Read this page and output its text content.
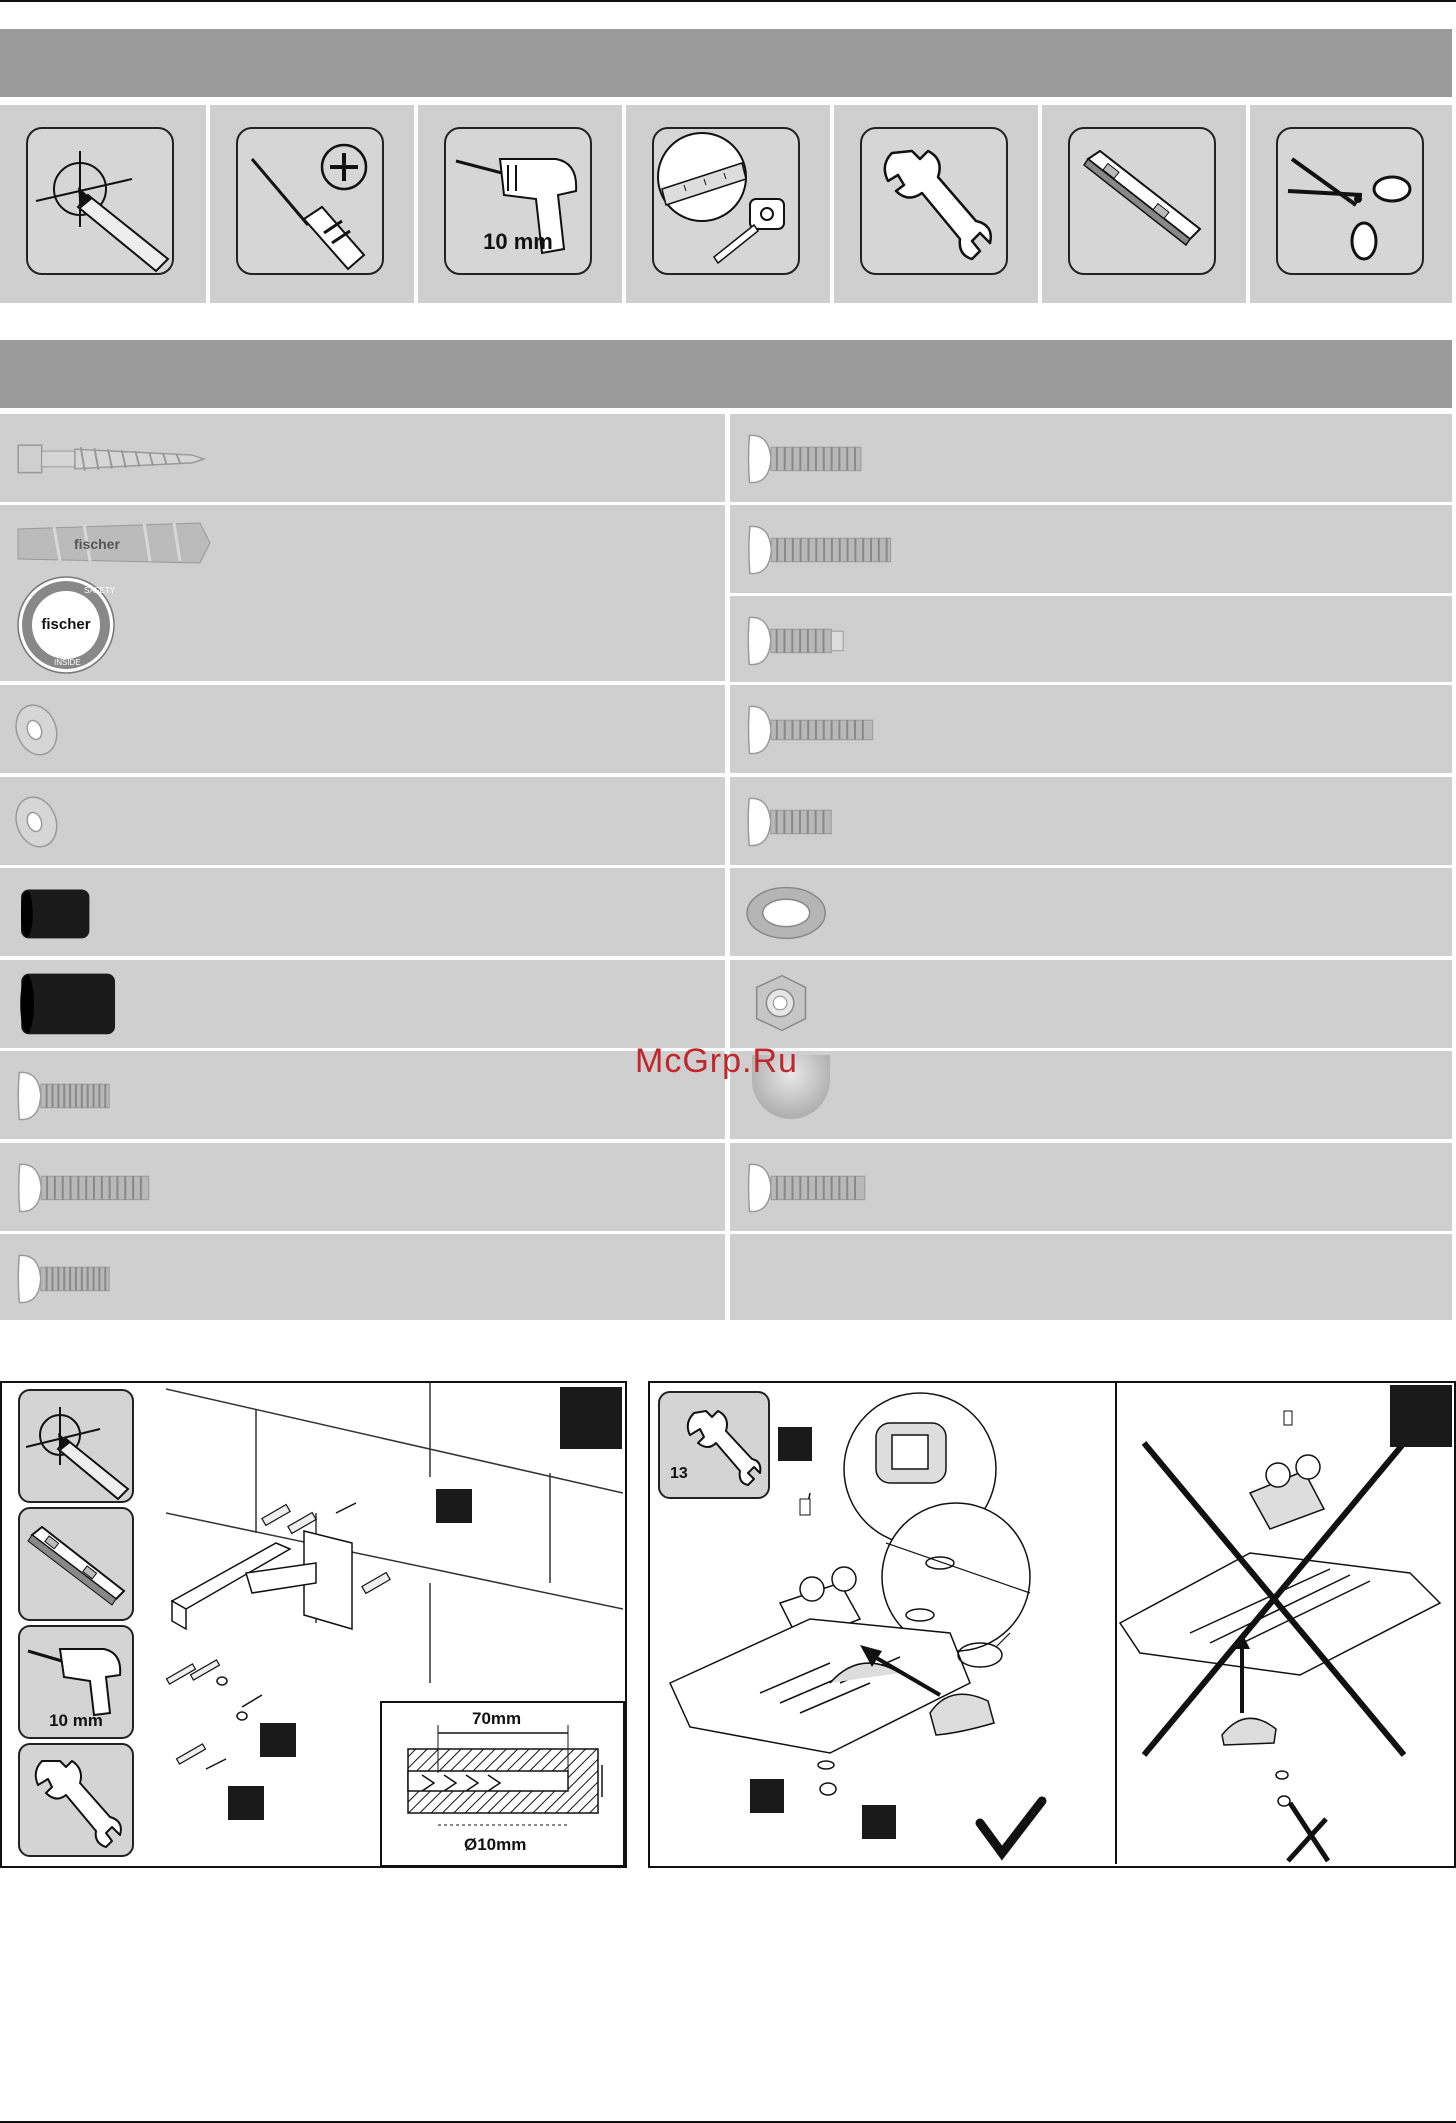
10 mm
fischer
fischer
SAFETY
INSIDE
McGrp.Ru
10 mm	70mm
Ø10mm
13
